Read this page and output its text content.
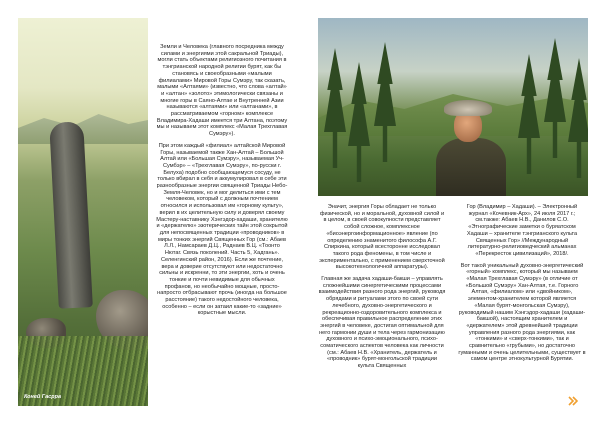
Коней Гасрра

Земли и Человека (главного посредника между силами и энергиями этой сакральной Триады), могли стать объектами религиозного почитания в тэнгрианской народной религии бурят, как бы становясь и своеобразными «малыми филиалами» Мировой Горы Сумэру, так сказать, малыми «Алтаями» (известно, что слова «алтай» и «алтан» «золото» этимологически связаны и многие горы в Саяно-Алтае и Внутренней Азии называются «алтаями» или «алтанами», в рассматриваемом «горном» комплексе Владимира-Хадаши имеется три Алтана, поэтому мы и называем этот комплекс «Малая Трехглавая Сумэру»).

При этом каждый «филиал» алтайской Мировой Горы, называемой также Хан-Алтай – Большой Алтай или «Большая Сумэру», называемая Уч-Сумбэр» – «Трехглавая Сумэру», по-русски г. Белуха) подобно сообщающемуся сосуду, не только вбирал в себя и аккумулировал в себе эти разнообразные энергии священной Триады Небо-Земля-Человек, но и мог делиться ими с тем человеком, который с должным почтением относился и использовал им «горному культу», верил в их целительную силу и доверял своему Мастеру-наставнику Хэнгэдор-хадаши, хранителю и «держателю» эзотерических тайн этой сокрытой для непосвященных традиции «проводников» в миры тонких энергий Священных Гор (см.: Абаев Л.Л., Намсараев Д.Ц., Раднаев В.Ц. «Тоонто Нютаг. Связь поколений. Часть 5, Хадгань». Селенгинский район, 2016). Если же почтение, вера и доверие отсутствуют или недостаточно сильны и искренни, то эти энергии, хоть и очень тонкие и почти невидимые для обычных профанов, но необычайно мощные, просто-напросто отбрасывают прочь (иногда на большое расстояние) такого недостойного человека, особенно – если он затаил какие-то «задние» корыстные мысли.

Эначит, энергия Горы обладает не только физической, но и моральной, духовной силой и в целом, в своей совокупности представляет собой сложное, комплексное «биоэнергоинформационное» явление (по определению знаменитого философа А.Г. Спиркина, который всесторонне исследовал такого рода феномены, в том числе и экспериментально, с применением сверхточной высокотехнологичной аппаратуры).

Главная же задача хадаши-бакши – управлять сложнейшими синергетическими процессами взаимодействия разного рода энергий, руководя обрядами и ритуалами этого по своей сути лечебного, духовно-энергетического и рекреационно-оздоровительного комплекса и обеспечивая правильное распределение этих энергий в человеке, достигая оптимальной для него гармонии души и тела через гармонизацию духовного и психо-эмоционального, психо-соматического аспектов человека как личности (см.: Абаев Н.В. «Хранитель, держатель и «проводник» бурят-монгольской традиции культа Священных

Гор (Владимир – Хадаши). – Электронный журнал «Кочевник-Арх», 24 июля 2017 г.; см.также: Абаев Н.В., Данилов С.О. «Этнографические заметки о буряатском Хадаши – хранителе тэнгрианского культа Священных Гор» //Международный литературно-религиоведческий альманах «Перекресток цивилизаций», 2018/.

Вот такой уникальный духовно-энергетический «горный» комплекс, который мы называем «Малая Трехглавая Сумэру» (в отличие от «Большой Сумэру» Хан-Алтая, т.е. Горного Алтая, «филиалом» или «двойником», элементом-хранителем которой является «Малая бурят-монгольская Сумэру), руководимый нашим Хэнгэдор-хадаши (хадаши-бакшой), настоящим хранителем и «держателем» этой древнейшей традиции управления разного рода энергиями, как «тонкими» и «сверх-тонкими», так и сравнительно «грубыми», но достаточно гуманными и очень целительными, существует в самом центре этнокультурной Бурятии.
